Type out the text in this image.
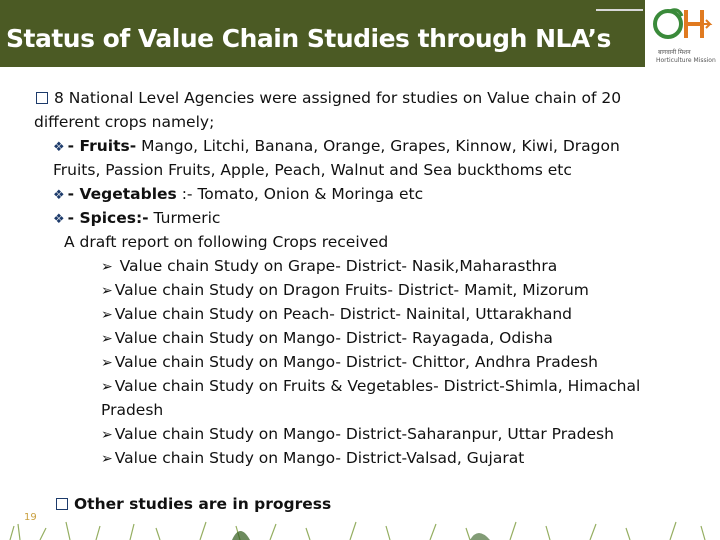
Status of Value Chain Studies through NLA’s	बागवानी मिशन
Horticulture Mission
8 National Level Agencies were assigned for studies on Value chain of 20
different crops namely;
❖ - Fruits- Mango, Litchi, Banana, Orange, Grapes, Kinnow, Kiwi, Dragon
Fruits, Passion Fruits, Apple, Peach, Walnut and Sea buckthoms etc
❖ - Vegetables :- Tomato, Onion & Moringa etc
❖ - Spices:- Turmeric
A draft report on following Crops received
➢ Value chain Study on Grape- District- Nasik,Maharasthra
➢ Value chain Study on Dragon Fruits- District- Mamit, Mizorum
➢ Value chain Study on Peach- District- Nainital, Uttarakhand
➢ Value chain Study on Mango- District- Rayagada, Odisha
➢ Value chain Study on Mango- District- Chittor, Andhra Pradesh
➢ Value chain Study on Fruits & Vegetables- District-Shimla, Himachal
Pradesh
➢ Value chain Study on Mango- District-Saharanpur, Uttar Pradesh
➢ Value chain Study on Mango- District-Valsad, Gujarat
Other studies are in progress
19
